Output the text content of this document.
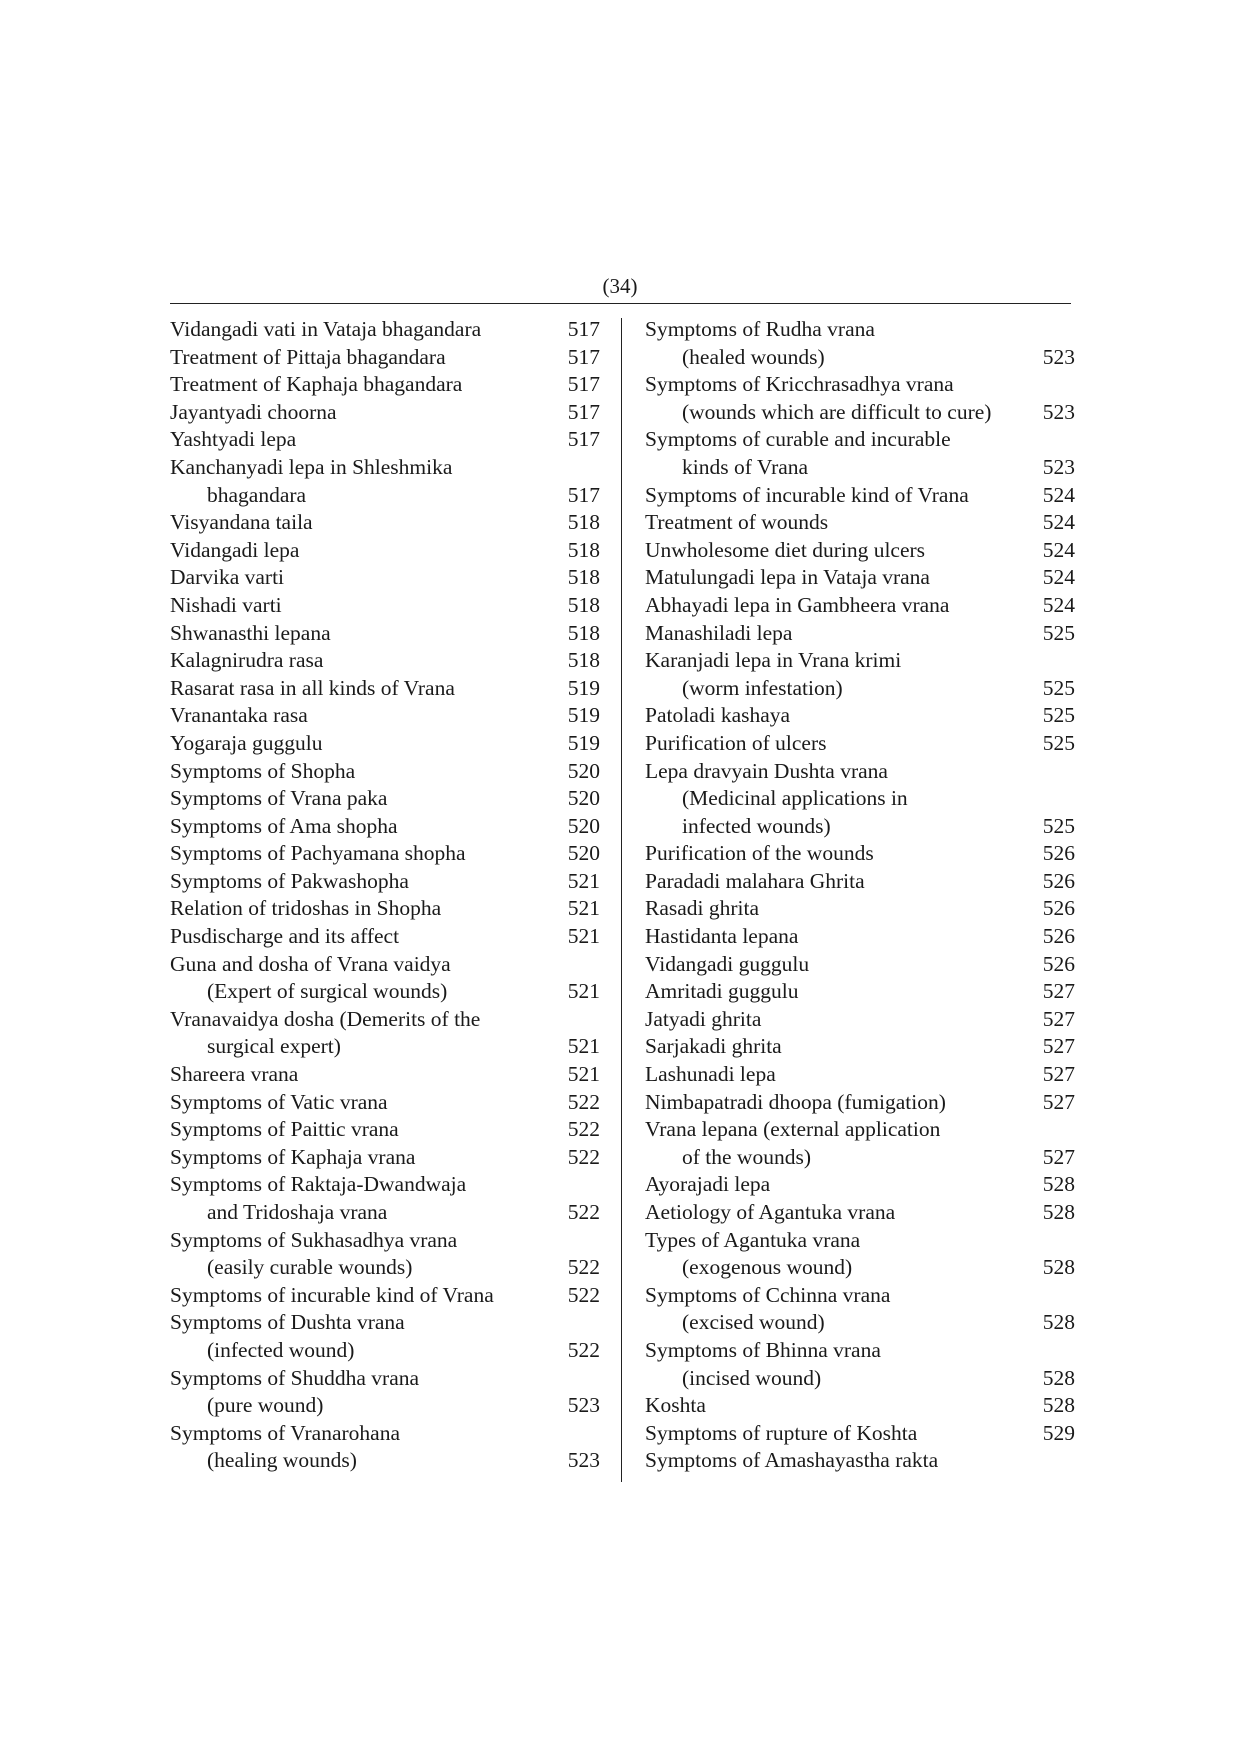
(34)
Vidangadi vati in Vataja bhagandara	517
Treatment of Pittaja bhagandara	517
Treatment of Kaphaja bhagandara	517
Jayantyadi choorna	517
Yashtyadi lepa	517
Kanchanyadi lepa in Shleshmika
bhagandara	517
Visyandana taila	518
Vidangadi lepa	518
Darvika varti	518
Nishadi varti	518
Shwanasthi lepana	518
Kalagnirudra rasa	518
Rasarat rasa in all kinds of Vrana	519
Vranantaka rasa	519
Yogaraja guggulu	519
Symptoms of Shopha	520
Symptoms of Vrana paka	520
Symptoms of Ama shopha	520
Symptoms of Pachyamana shopha	520
Symptoms of Pakwashopha	521
Relation of tridoshas in Shopha	521
Pusdischarge and its affect	521
Guna and dosha of Vrana vaidya
(Expert of surgical wounds)	521
Vranavaidya dosha (Demerits of the
surgical expert)	521
Shareera vrana	521
Symptoms of Vatic vrana	522
Symptoms of Paittic vrana	522
Symptoms of Kaphaja vrana	522
Symptoms of Raktaja-Dwandwaja
and Tridoshaja vrana	522
Symptoms of Sukhasadhya vrana
(easily curable wounds)	522
Symptoms of incurable kind of Vrana	522
Symptoms of Dushta vrana
(infected wound)	522
Symptoms of Shuddha vrana
(pure wound)	523
Symptoms of Vranarohana
(healing wounds)	523
Symptoms of Rudha vrana
(healed wounds)	523
Symptoms of Kricchrasadhya vrana
(wounds which are difficult to cure) 523
Symptoms of curable and incurable
kinds of Vrana	523
Symptoms of incurable kind of Vrana	524
Treatment of wounds	524
Unwholesome diet during ulcers	524
Matulungadi lepa in Vataja vrana	524
Abhayadi lepa in Gambheera vrana	524
Manashiladi lepa	525
Karanjadi lepa in Vrana krimi
(worm infestation)	525
Patoladi kashaya	525
Purification of ulcers	525
Lepa dravyain Dushta vrana
(Medicinal applications in
infected wounds)	525
Purification of the wounds	526
Paradadi malahara Ghrita	526
Rasadi ghrita	526
Hastidanta lepana	526
Vidangadi guggulu	526
Amritadi guggulu	527
Jatyadi ghrita	527
Sarjakadi ghrita	527
Lashunadi lepa	527
Nimbapatradi dhoopa (fumigation)	527
Vrana lepana (external application
of the wounds)	527
Ayorajadi lepa	528
Aetiology of Agantuka vrana	528
Types of Agantuka vrana
(exogenous wound)	528
Symptoms of Cchinna vrana
(excised wound)	528
Symptoms of Bhinna vrana
(incised wound)	528
Koshta	528
Symptoms of rupture of Koshta	529
Symptoms of Amashayastha rakta
